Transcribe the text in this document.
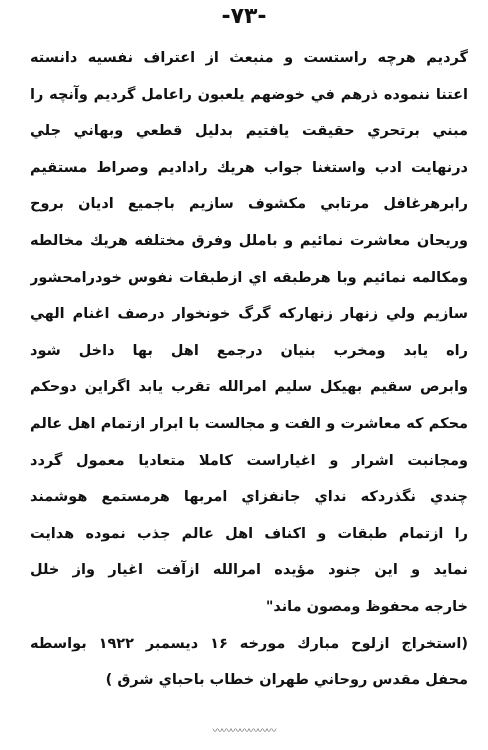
-۷۳-
گرديم هرچه راستست و منبعث از اعتراف نفسيه دانسته
اعتنا ننموده ذرهم في خوضهم يلعبون راعامل گرديم وآنچه را
مبني برتحري حقيقت يافتيم بدليل قطعي وبهاني جلي
درنهايت ادب واستغنا جواب هريك راداديم وصراط مستقيم
رابرهرغافل مرتابي مكشوف سازيم باجميع اديان بروح
وريحان معاشرت نمائيم و باملل وفرق مختلفه هريك مخالطه
ومكالمه نمائيم وبا هرطبقه اي ازطبقات نفوس خودرامحشور
سازيم ولي زنهار زنهاركه گرگ خونخوار درصف اغنام الهي
راه يابد ومخرب بنيان درجمع اهل بها داخل شود
وابرص سقيم بهيكل سليم امرالله تقرب يابد اگراين دوحكم
محكم كه معاشرت و الفت و مجالست با ابرار ازتمام اهل عالم
ومجانبت اشرار و اغياراست كاملا متعاديا معمول گردد
چندي نگذردكه نداي جانفزاي امربها هرمستمع هوشمند
را ازتمام طبقات و اكناف اهل عالم جذب نموده هدايت
نمايد و اين جنود مؤيده امرالله ازآفت اغيار واز خلل
خارجه محفوظ ومصون ماند"
(استخراج ازلوح مبارك مورخه ۱۶ ديسمبر ۱۹۲۲ بواسطه
محفل مقدس روحاني طهران خطاب باحباي شرق )
〰〰〰〰〰〰〰
